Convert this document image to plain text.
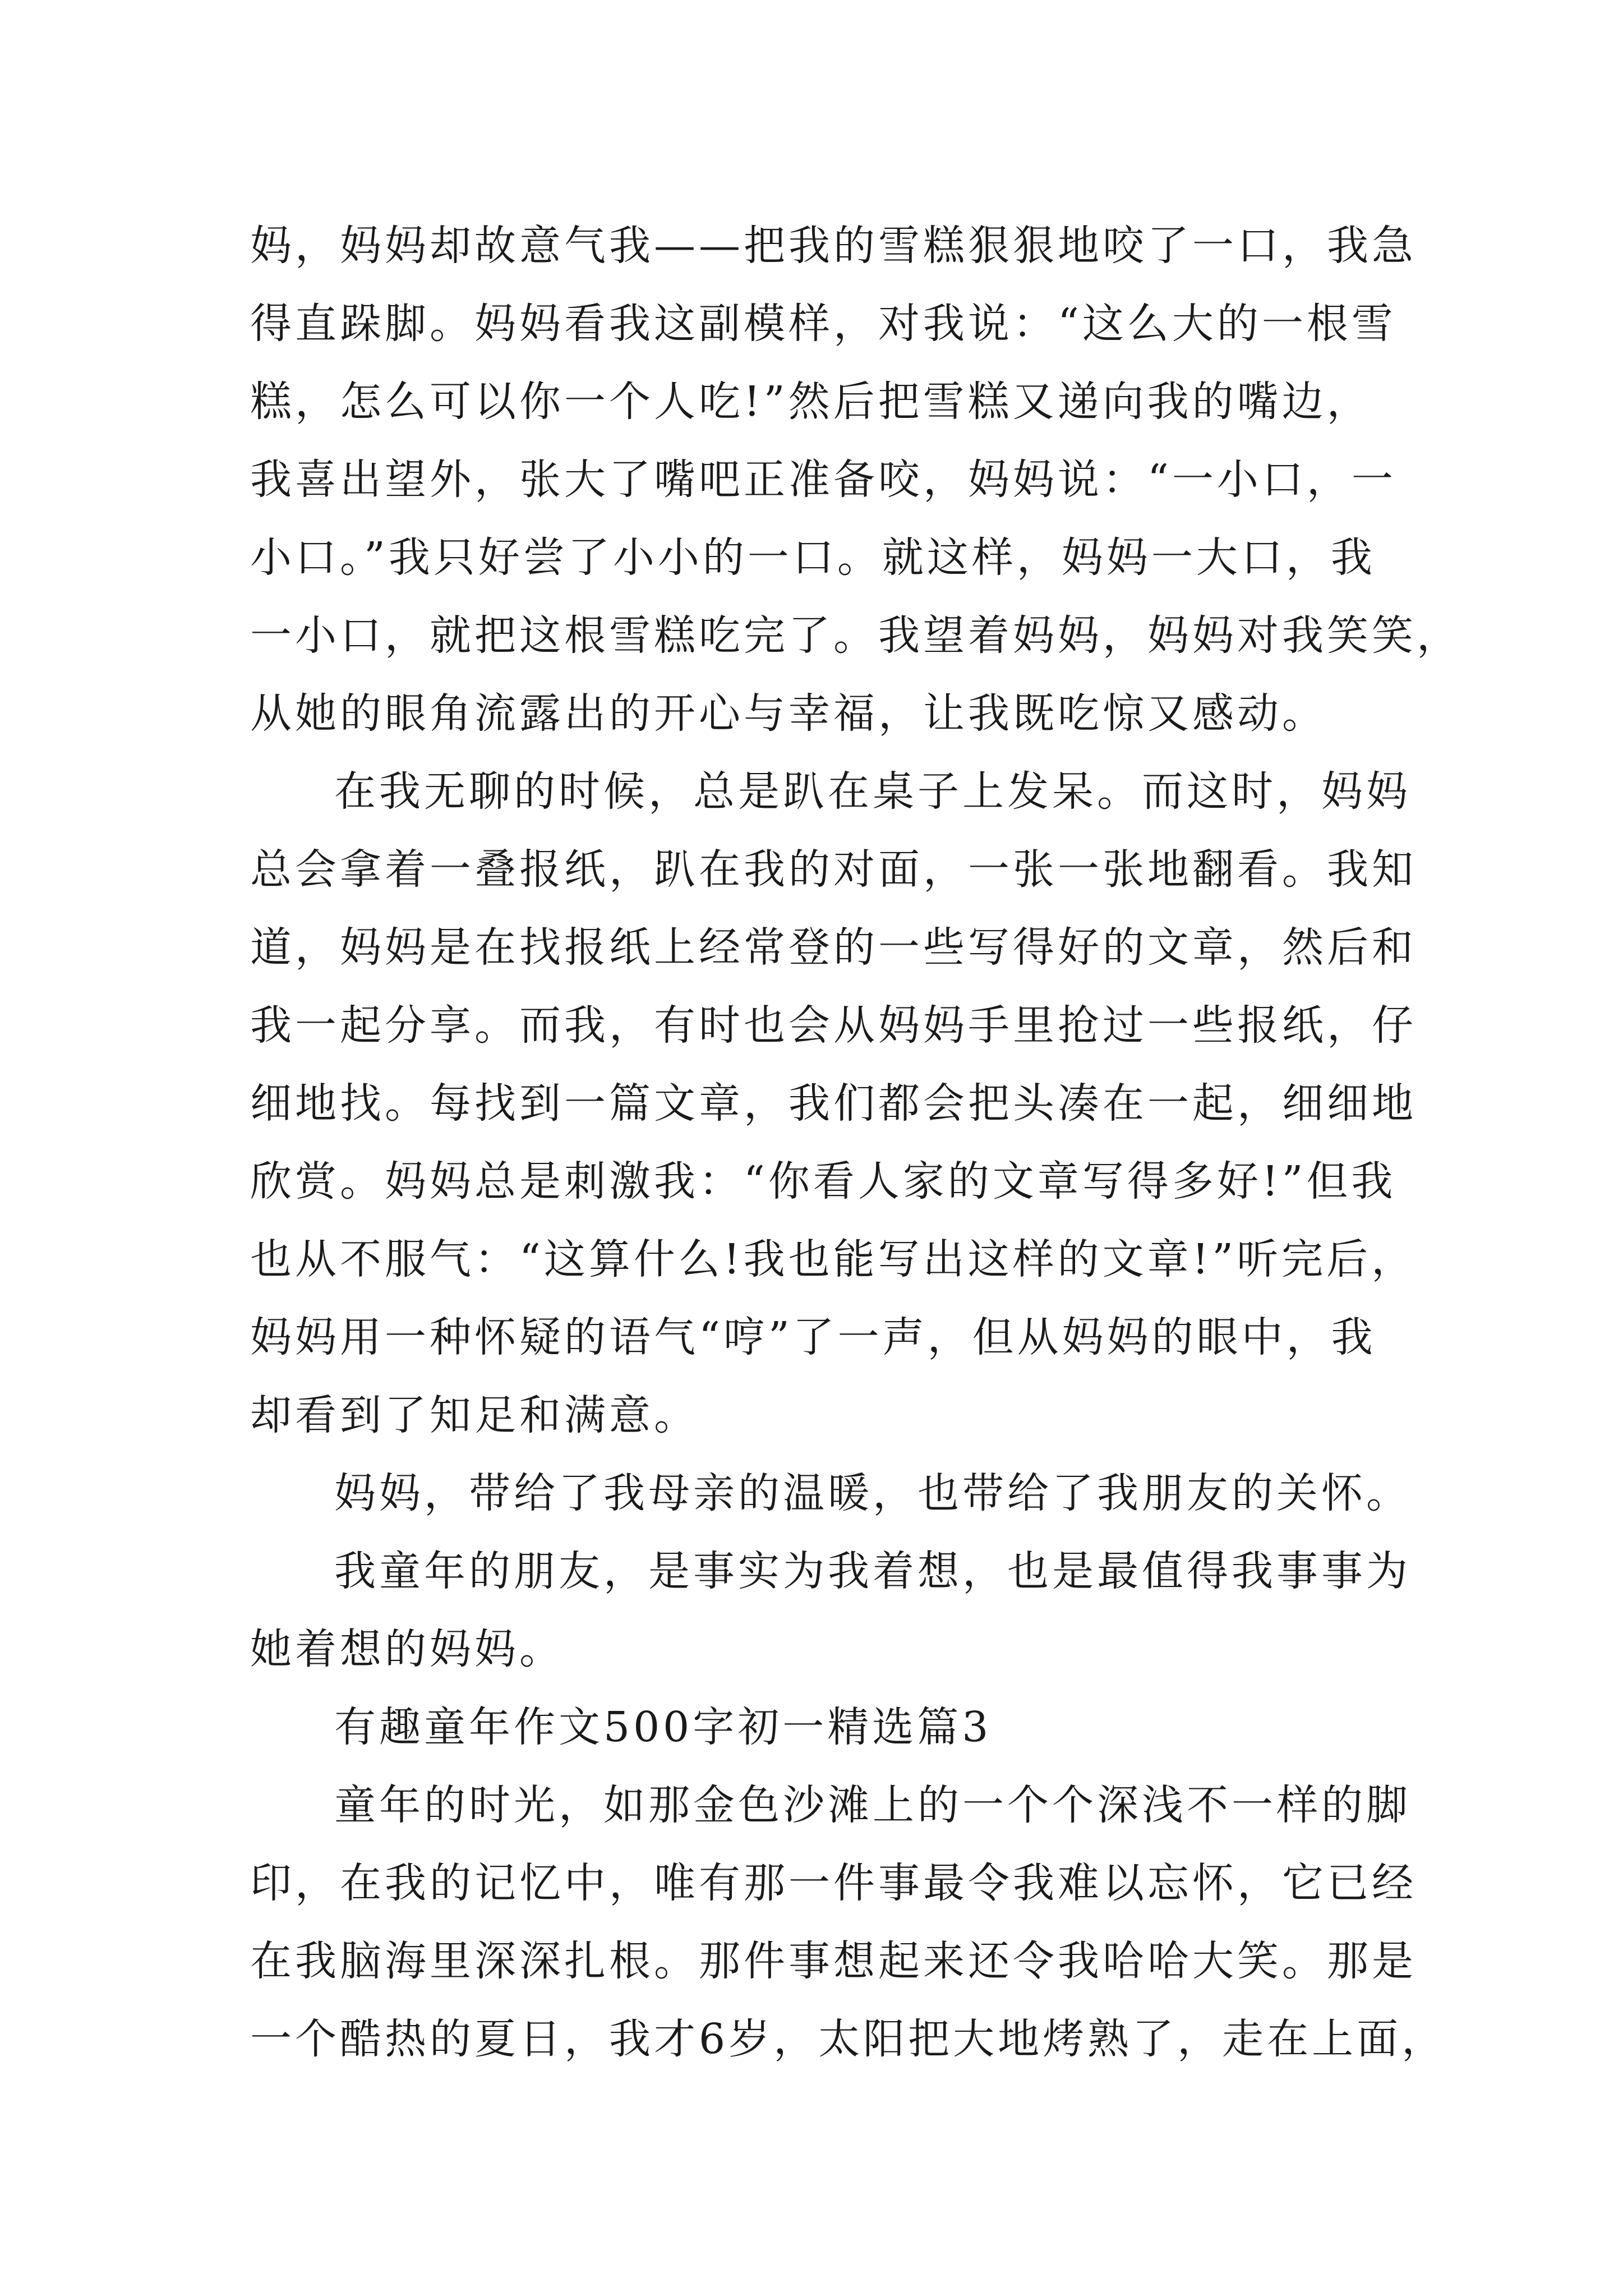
妈，妈妈却故意气我——把我的雪糕狠狠地咬了一口，我急
得直跺脚。妈妈看我这副模样，对我说：“这么大的一根雪
糕，怎么可以你一个人吃!”然后把雪糕又递向我的嘴边，
我喜出望外，张大了嘴吧正准备咬，妈妈说：“一小口，一
小口。”我只好尝了小小的一口。就这样，妈妈一大口，我
一小口，就把这根雪糕吃完了。我望着妈妈，妈妈对我笑笑，
从她的眼角流露出的开心与幸福，让我既吃惊又感动。
在我无聊的时候，总是趴在桌子上发呆。而这时，妈妈
总会拿着一叠报纸，趴在我的对面，一张一张地翻看。我知
道，妈妈是在找报纸上经常登的一些写得好的文章，然后和
我一起分享。而我，有时也会从妈妈手里抢过一些报纸，仔
细地找。每找到一篇文章，我们都会把头凑在一起，细细地
欣赏。妈妈总是刺激我：“你看人家的文章写得多好!”但我
也从不服气：“这算什么!我也能写出这样的文章!”听完后，
妈妈用一种怀疑的语气“哼”了一声，但从妈妈的眼中，我
却看到了知足和满意。
妈妈，带给了我母亲的温暖，也带给了我朋友的关怀。
我童年的朋友，是事实为我着想，也是最值得我事事为
她着想的妈妈。
有趣童年作文500字初一精选篇3
童年的时光，如那金色沙滩上的一个个深浅不一样的脚
印，在我的记忆中，唯有那一件事最令我难以忘怀，它已经
在我脑海里深深扎根。那件事想起来还令我哈哈大笑。那是
一个酷热的夏日，我才6岁，太阳把大地烤熟了，走在上面，
